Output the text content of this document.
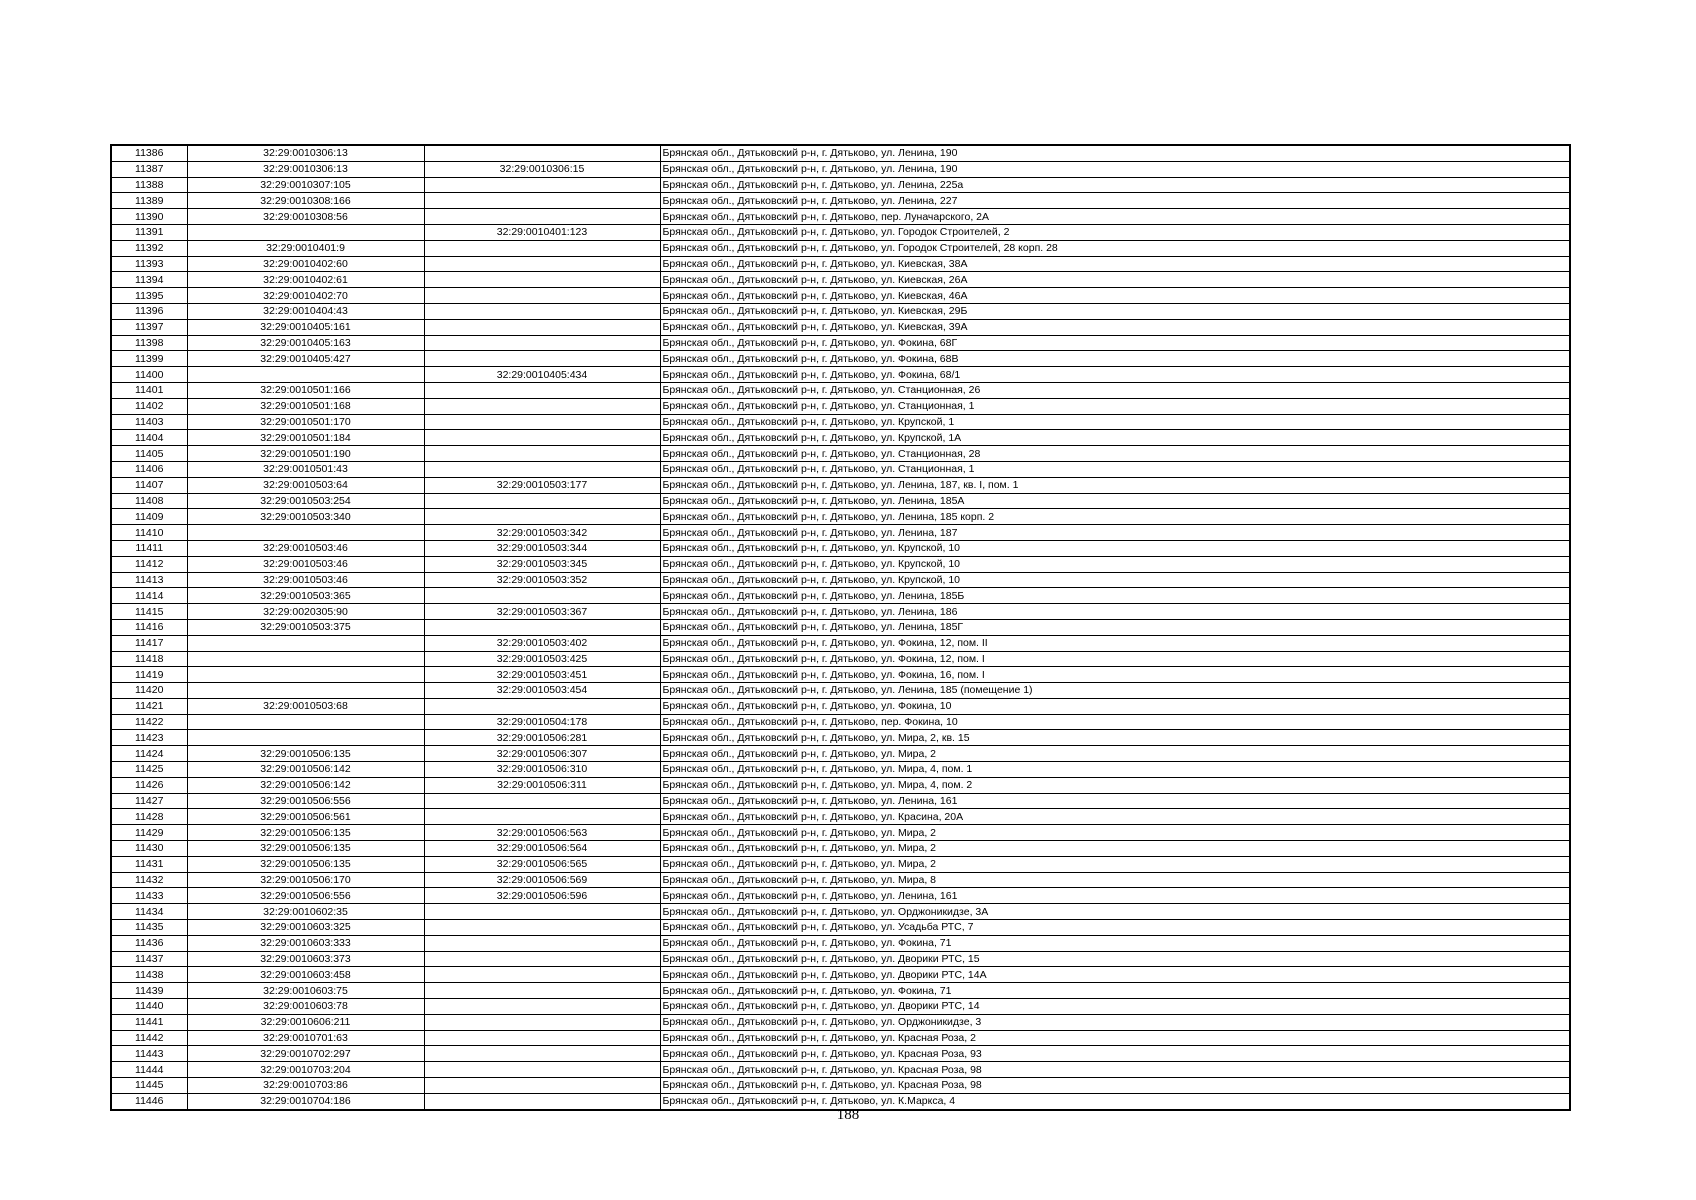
11386	32:29:0010306:13		Брянская обл., Дятьковский р-н, г. Дятьково, ул. Ленина, 190
11387	32:29:0010306:13	32:29:0010306:15	Брянская обл., Дятьковский р-н, г. Дятьково, ул. Ленина, 190
11388	32:29:0010307:105		Брянская обл., Дятьковский р-н, г. Дятьково, ул. Ленина, 225а
11389	32:29:0010308:166		Брянская обл., Дятьковский р-н, г. Дятьково, ул. Ленина, 227
11390	32:29:0010308:56		Брянская обл., Дятьковский р-н, г. Дятьково, пер. Луначарского, 2А
11391		32:29:0010401:123	Брянская обл., Дятьковский р-н, г. Дятьково, ул. Городок Строителей, 2
11392	32:29:0010401:9		Брянская обл., Дятьковский р-н, г. Дятьково, ул. Городок Строителей, 28 корп. 28
11393	32:29:0010402:60		Брянская обл., Дятьковский р-н, г. Дятьково, ул. Киевская, 38А
11394	32:29:0010402:61		Брянская обл., Дятьковский р-н, г. Дятьково, ул. Киевская, 26А
11395	32:29:0010402:70		Брянская обл., Дятьковский р-н, г. Дятьково, ул. Киевская, 46А
11396	32:29:0010404:43		Брянская обл., Дятьковский р-н, г. Дятьково, ул. Киевская, 29Б
11397	32:29:0010405:161		Брянская обл., Дятьковский р-н, г. Дятьково, ул. Киевская, 39А
11398	32:29:0010405:163		Брянская обл., Дятьковский р-н, г. Дятьково, ул. Фокина, 68Г
11399	32:29:0010405:427		Брянская обл., Дятьковский р-н, г. Дятьково, ул. Фокина, 68В
11400		32:29:0010405:434	Брянская обл., Дятьковский р-н, г. Дятьково, ул. Фокина, 68/1
11401	32:29:0010501:166		Брянская обл., Дятьковский р-н, г. Дятьково, ул. Станционная, 26
11402	32:29:0010501:168		Брянская обл., Дятьковский р-н, г. Дятьково, ул. Станционная, 1
11403	32:29:0010501:170		Брянская обл., Дятьковский р-н, г. Дятьково, ул. Крупской, 1
11404	32:29:0010501:184		Брянская обл., Дятьковский р-н, г. Дятьково, ул. Крупской, 1А
11405	32:29:0010501:190		Брянская обл., Дятьковский р-н, г. Дятьково, ул. Станционная, 28
11406	32:29:0010501:43		Брянская обл., Дятьковский р-н, г. Дятьково, ул. Станционная, 1
11407	32:29:0010503:64	32:29:0010503:177	Брянская обл., Дятьковский р-н, г. Дятьково, ул. Ленина, 187, кв. I, пом. 1
11408	32:29:0010503:254		Брянская обл., Дятьковский р-н, г. Дятьково, ул. Ленина, 185А
11409	32:29:0010503:340		Брянская обл., Дятьковский р-н, г. Дятьково, ул. Ленина, 185 корп. 2
11410		32:29:0010503:342	Брянская обл., Дятьковский р-н, г. Дятьково, ул. Ленина, 187
11411	32:29:0010503:46	32:29:0010503:344	Брянская обл., Дятьковский р-н, г. Дятьково, ул. Крупской, 10
11412	32:29:0010503:46	32:29:0010503:345	Брянская обл., Дятьковский р-н, г. Дятьково, ул. Крупской, 10
11413	32:29:0010503:46	32:29:0010503:352	Брянская обл., Дятьковский р-н, г. Дятьково, ул. Крупской, 10
11414	32:29:0010503:365		Брянская обл., Дятьковский р-н, г. Дятьково, ул. Ленина, 185Б
11415	32:29:0020305:90	32:29:0010503:367	Брянская обл., Дятьковский р-н, г. Дятьково, ул. Ленина, 186
11416	32:29:0010503:375		Брянская обл., Дятьковский р-н, г. Дятьково, ул. Ленина, 185Г
11417		32:29:0010503:402	Брянская обл., Дятьковский р-н, г. Дятьково, ул. Фокина, 12, пом. II
11418		32:29:0010503:425	Брянская обл., Дятьковский р-н, г. Дятьково, ул. Фокина, 12, пом. I
11419		32:29:0010503:451	Брянская обл., Дятьковский р-н, г. Дятьково, ул. Фокина, 16, пом. I
11420		32:29:0010503:454	Брянская обл., Дятьковский р-н, г. Дятьково, ул. Ленина, 185 (помещение 1)
11421	32:29:0010503:68		Брянская обл., Дятьковский р-н, г. Дятьково, ул. Фокина, 10
11422		32:29:0010504:178	Брянская обл., Дятьковский р-н, г. Дятьково, пер. Фокина, 10
11423		32:29:0010506:281	Брянская обл., Дятьковский р-н, г. Дятьково, ул. Мира, 2, кв. 15
11424	32:29:0010506:135	32:29:0010506:307	Брянская обл., Дятьковский р-н, г. Дятьково, ул. Мира, 2
11425	32:29:0010506:142	32:29:0010506:310	Брянская обл., Дятьковский р-н, г. Дятьково, ул. Мира, 4, пом. 1
11426	32:29:0010506:142	32:29:0010506:311	Брянская обл., Дятьковский р-н, г. Дятьково, ул. Мира, 4, пом. 2
11427	32:29:0010506:556		Брянская обл., Дятьковский р-н, г. Дятьково, ул. Ленина, 161
11428	32:29:0010506:561		Брянская обл., Дятьковский р-н, г. Дятьково, ул. Красина, 20А
11429	32:29:0010506:135	32:29:0010506:563	Брянская обл., Дятьковский р-н, г. Дятьково, ул. Мира, 2
11430	32:29:0010506:135	32:29:0010506:564	Брянская обл., Дятьковский р-н, г. Дятьково, ул. Мира, 2
11431	32:29:0010506:135	32:29:0010506:565	Брянская обл., Дятьковский р-н, г. Дятьково, ул. Мира, 2
11432	32:29:0010506:170	32:29:0010506:569	Брянская обл., Дятьковский р-н, г. Дятьково, ул. Мира, 8
11433	32:29:0010506:556	32:29:0010506:596	Брянская обл., Дятьковский р-н, г. Дятьково, ул. Ленина, 161
11434	32:29:0010602:35		Брянская обл., Дятьковский р-н, г. Дятьково, ул. Орджоникидзе, 3А
11435	32:29:0010603:325		Брянская обл., Дятьковский р-н, г. Дятьково, ул. Усадьба РТС, 7
11436	32:29:0010603:333		Брянская обл., Дятьковский р-н, г. Дятьково, ул. Фокина, 71
11437	32:29:0010603:373		Брянская обл., Дятьковский р-н, г. Дятьково, ул. Дворики РТС, 15
11438	32:29:0010603:458		Брянская обл., Дятьковский р-н, г. Дятьково, ул. Дворики РТС, 14А
11439	32:29:0010603:75		Брянская обл., Дятьковский р-н, г. Дятьково, ул. Фокина, 71
11440	32:29:0010603:78		Брянская обл., Дятьковский р-н, г. Дятьково, ул. Дворики РТС, 14
11441	32:29:0010606:211		Брянская обл., Дятьковский р-н, г. Дятьково, ул. Орджоникидзе, 3
11442	32:29:0010701:63		Брянская обл., Дятьковский р-н, г. Дятьково, ул. Красная Роза, 2
11443	32:29:0010702:297		Брянская обл., Дятьковский р-н, г. Дятьково, ул. Красная Роза, 93
11444	32:29:0010703:204		Брянская обл., Дятьковский р-н, г. Дятьково, ул. Красная Роза, 98
11445	32:29:0010703:86		Брянская обл., Дятьковский р-н, г. Дятьково, ул. Красная Роза, 98
11446	32:29:0010704:186		Брянская обл., Дятьковский р-н, г. Дятьково, ул. К.Маркса, 4
188
